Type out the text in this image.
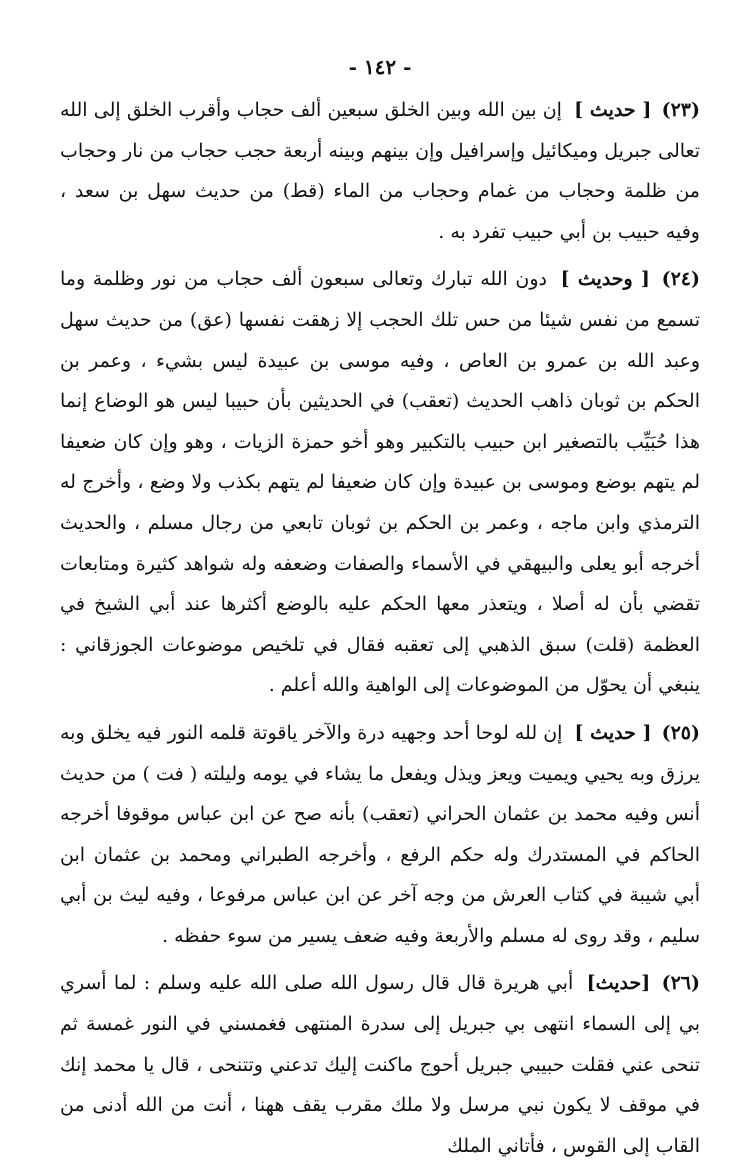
- ١٤٢ -

(٢٣) [ حديث ] إن بين الله وبين الخلق سبعين ألف حجاب وأقرب الخلق إلى الله تعالى جبريل وميكائيل وإسرافيل وإن بينهم وبينه أربعة حجب حجاب من نار وحجاب من ظلمة وحجاب من غمام وحجاب من الماء (قط) من حديث سهل بن سعد ، وفيه حبيب بن أبي حبيب تفرد به .

(٢٤) [ وحديث ] دون الله تبارك وتعالى سبعون ألف حجاب من نور وظلمة وما تسمع من نفس شيئا من حس تلك الحجب إلا زهقت نفسها (عق) من حديث سهل وعبد الله بن عمرو بن العاص ، وفيه موسى بن عبيدة ليس بشيء ، وعمر بن الحكم بن ثوبان ذاهب الحديث (تعقب) في الحديثين بأن حبيبا ليس هو الوضاع إنما هذا حُبَيِّب بالتصغير ابن حبيب بالتكبير وهو أخو حمزة الزيات ، وهو وإن كان ضعيفا لم يتهم بوضع وموسى بن عبيدة وإن كان ضعيفا لم يتهم بكذب ولا وضع ، وأخرج له الترمذي وابن ماجه ، وعمر بن الحكم بن ثوبان تابعي من رجال مسلم ، والحديث أخرجه أبو يعلى والبيهقي في الأسماء والصفات وضعفه وله شواهد كثيرة ومتابعات تقضي بأن له أصلا ، ويتعذر معها الحكم عليه بالوضع أكثرها عند أبي الشيخ في العظمة (قلت) سبق الذهبي إلى تعقبه فقال في تلخيص موضوعات الجوزقاني : ينبغي أن يحوّل من الموضوعات إلى الواهية والله أعلم .

(٢٥) [ حديث ] إن لله لوحا أحد وجهيه درة والآخر ياقوتة قلمه النور فيه يخلق وبه يرزق وبه يحيي ويميت ويعز ويذل ويفعل ما يشاء في يومه وليلته ( فت ) من حديث أنس وفيه محمد بن عثمان الحراني (تعقب) بأنه صح عن ابن عباس موقوفا أخرجه الحاكم في المستدرك وله حكم الرفع ، وأخرجه الطبراني ومحمد بن عثمان ابن أبي شيبة في كتاب العرش من وجه آخر عن ابن عباس مرفوعا ، وفيه ليث بن أبي سليم ، وقد روى له مسلم والأربعة وفيه ضعف يسير من سوء حفظه .

(٢٦) [حديث] أبي هريرة قال قال رسول الله صلى الله عليه وسلم : لما أسري بي إلى السماء انتهى بي جبريل إلى سدرة المنتهى فغمسني في النور غمسة ثم تنحى عني فقلت حبيبي جبريل أحوج ماكنت إليك تدعني وتتنحى ، قال يا محمد إنك في موقف لا يكون نبي مرسل ولا ملك مقرب يقف ههنا ، أنت من الله أدنى من القاب إلى القوس ، فأتاني الملك
